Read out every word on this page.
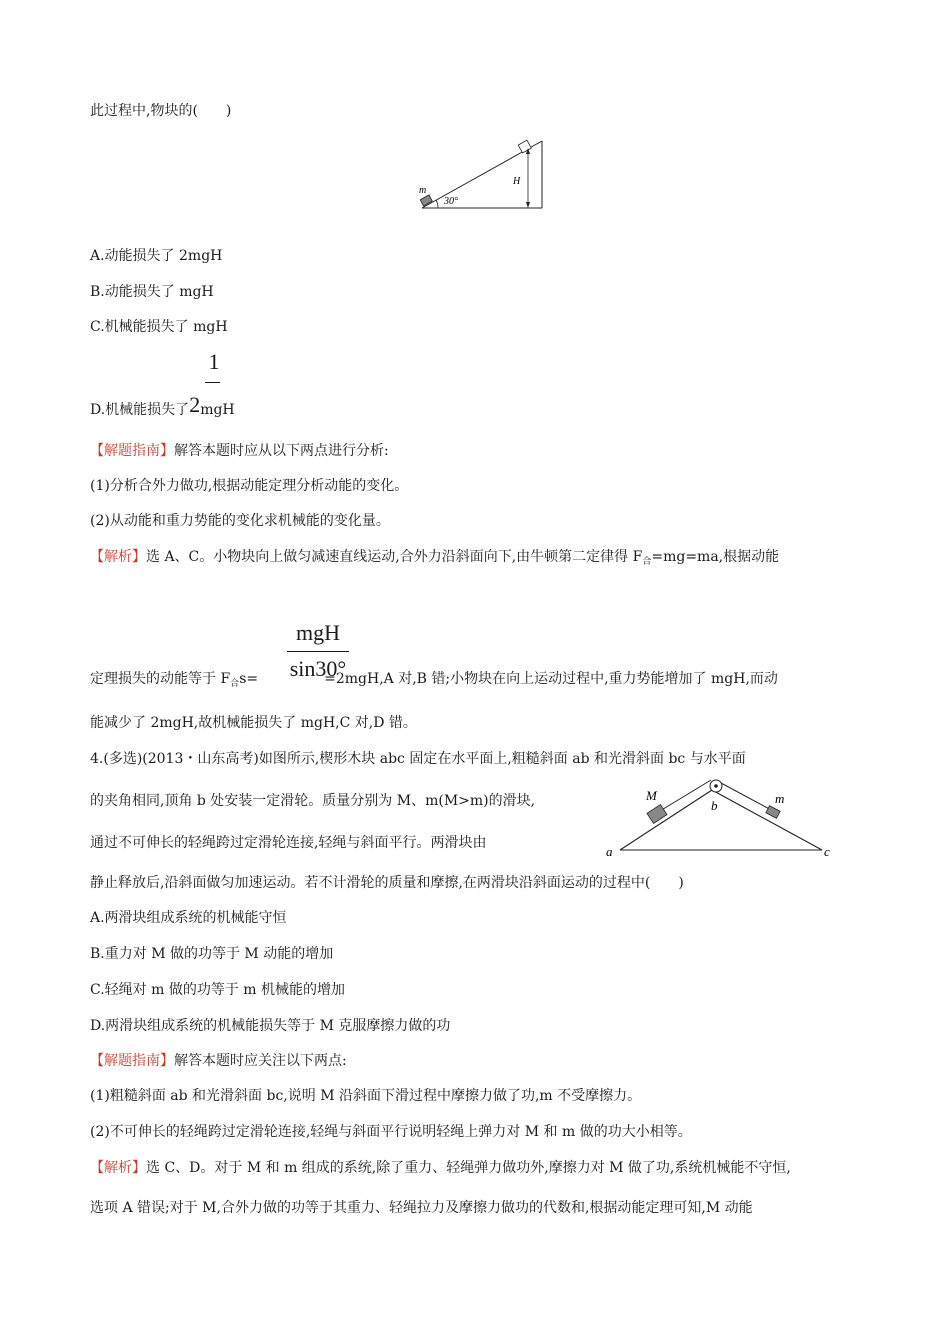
此过程中,物块的(　　)
m
30°
H
A.动能损失了 2mgH
B.动能损失了 mgH
C.机械能损失了 mgH
1
D.机械能损失了2mgH
【解题指南】解答本题时应从以下两点进行分析:
(1)分析合外力做功,根据动能定理分析动能的变化。
(2)从动能和重力势能的变化求机械能的变化量。
【解析】选 A、C。小物块向上做匀减速直线运动,合外力沿斜面向下,由牛顿第二定律得 $F_合=mg=ma$,根据动能
mgH
sin30°
定理损失的动能等于 $F_合s=$	=2mgH,A 对,B 错;小物块在向上运动过程中,重力势能增加了 mgH,而动
能减少了 2mgH,故机械能损失了 mgH,C 对,D 错。
4.(多选)(2013・山东高考)如图所示,楔形木块 abc 固定在水平面上,粗糙斜面 ab 和光滑斜面 bc 与水平面
的夹角相同,顶角 b 处安装一定滑轮。质量分别为 M、m(M>m)的滑块,
通过不可伸长的轻绳跨过定滑轮连接,轻绳与斜面平行。两滑块由
静止释放后,沿斜面做匀加速运动。若不计滑轮的质量和摩擦,在两滑块沿斜面运动的过程中(　　)
M	m
a
b
c
A.两滑块组成系统的机械能守恒
B.重力对 M 做的功等于 M 动能的增加
C.轻绳对 m 做的功等于 m 机械能的增加
D.两滑块组成系统的机械能损失等于 M 克服摩擦力做的功
【解题指南】解答本题时应关注以下两点:
(1)粗糙斜面 ab 和光滑斜面 bc,说明 M 沿斜面下滑过程中摩擦力做了功,m 不受摩擦力。
(2)不可伸长的轻绳跨过定滑轮连接,轻绳与斜面平行说明轻绳上弹力对 M 和 m 做的功大小相等。
【解析】选 C、D。对于 M 和 m 组成的系统,除了重力、轻绳弹力做功外,摩擦力对 M 做了功,系统机械能不守恒,
选项 A 错误;对于 M,合外力做的功等于其重力、轻绳拉力及摩擦力做功的代数和,根据动能定理可知,M 动能
